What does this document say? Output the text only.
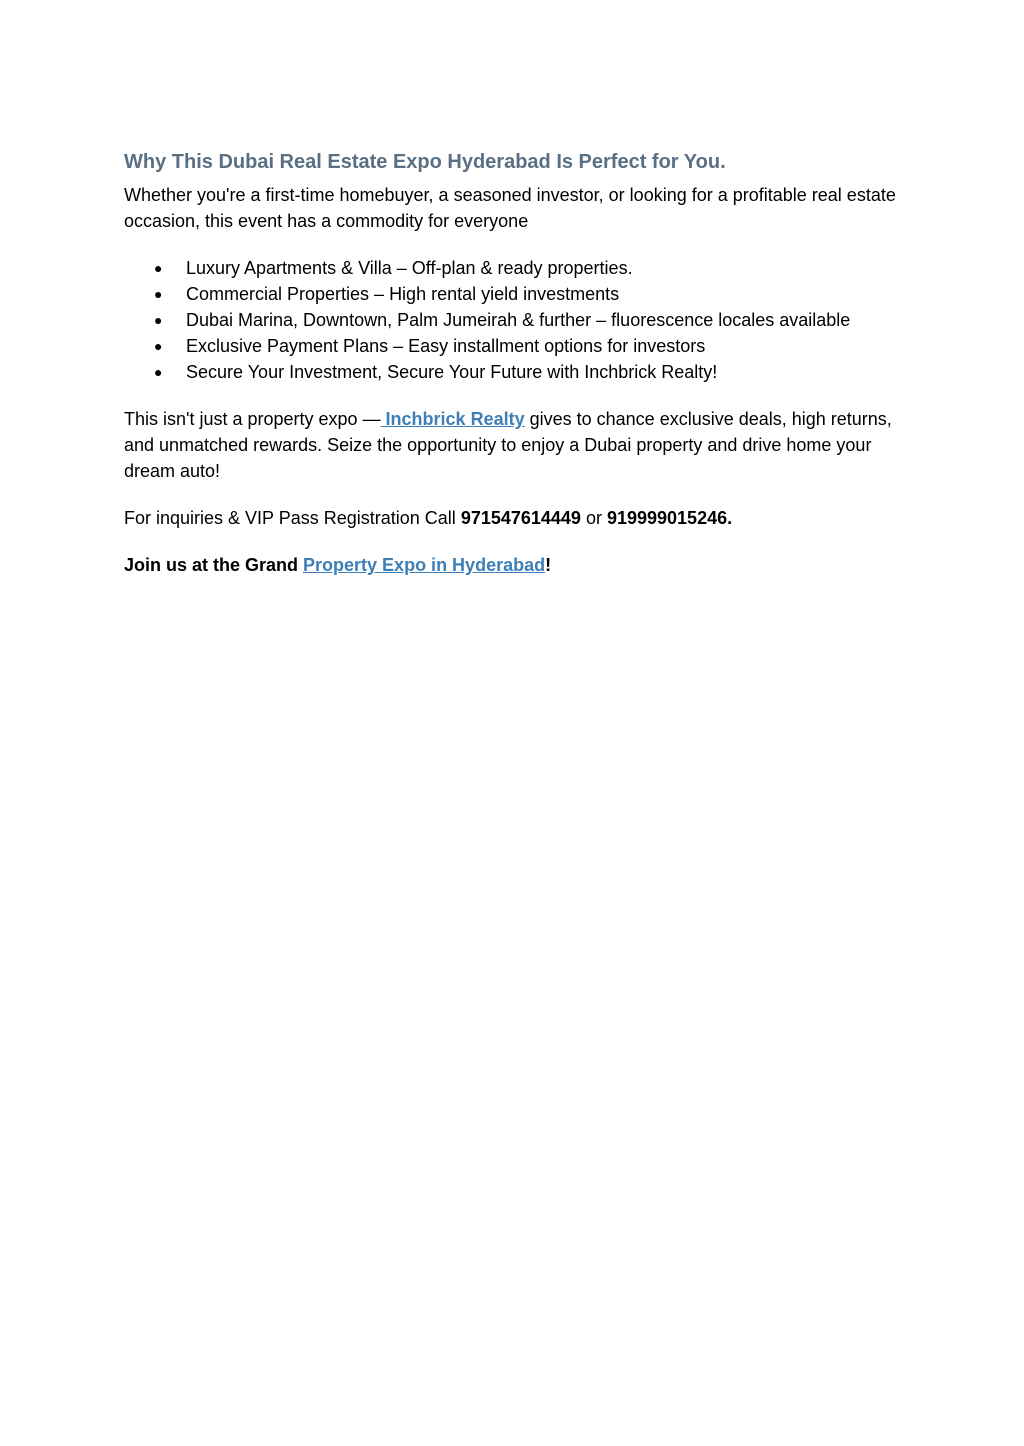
Why This Dubai Real Estate Expo Hyderabad Is Perfect for You.

Whether you're a first-time homebuyer, a seasoned investor, or looking for a profitable real estate occasion, this event has a commodity for everyone

● Luxury Apartments & Villa – Off-plan & ready properties.
● Commercial Properties – High rental yield investments
● Dubai Marina, Downtown, Palm Jumeirah & further – fluorescence locales available
● Exclusive Payment Plans – Easy installment options for investors
● Secure Your Investment, Secure Your Future with Inchbrick Realty!

This isn't just a property expo — Inchbrick Realty gives to chance exclusive deals, high returns, and unmatched rewards. Seize the opportunity to enjoy a Dubai property and drive home your dream auto!

For inquiries & VIP Pass Registration Call 971547614449 or 919999015246.

Join us at the Grand Property Expo in Hyderabad!
